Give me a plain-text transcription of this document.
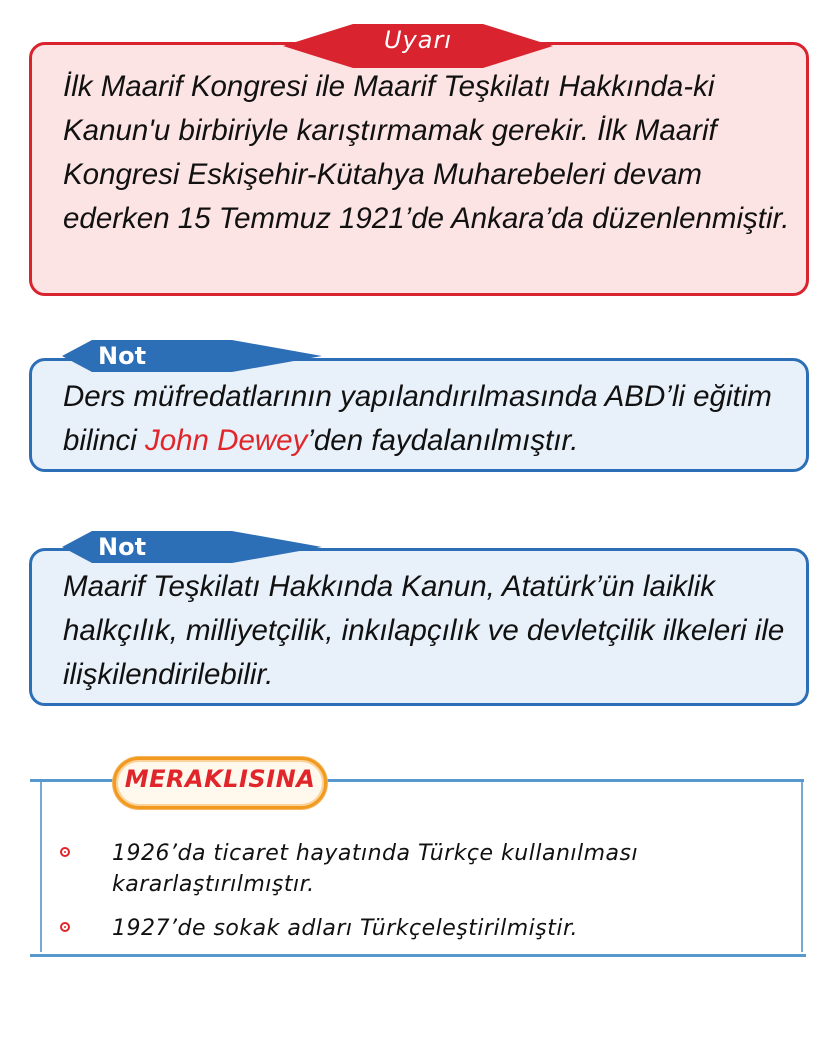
İlk Maarif Kongresi ile Maarif Teşkilatı Hakkında-ki Kanun'u birbiriyle karıştırmamak gerekir. İlk Maarif Kongresi Eskişehir-Kütahya Muharebeleri devam ederken 15 Temmuz 1921’de Ankara’da düzenlenmiştir.

Uyarı

Ders müfredatlarının yapılandırılmasında ABD’li eğitim bilinci John Dewey’den faydalanılmıştır.

Not

Maarif Teşkilatı Hakkında Kanun, Atatürk’ün laiklik halkçılık, milliyetçilik, inkılapçılık ve devletçilik ilkeleri ile ilişkilendirilebilir.

Not
MERAKLISINA

1926’da ticaret hayatında Türkçe kullanılması kararlaştırılmıştır.

1927’de sokak adları Türkçeleştirilmiştir.
